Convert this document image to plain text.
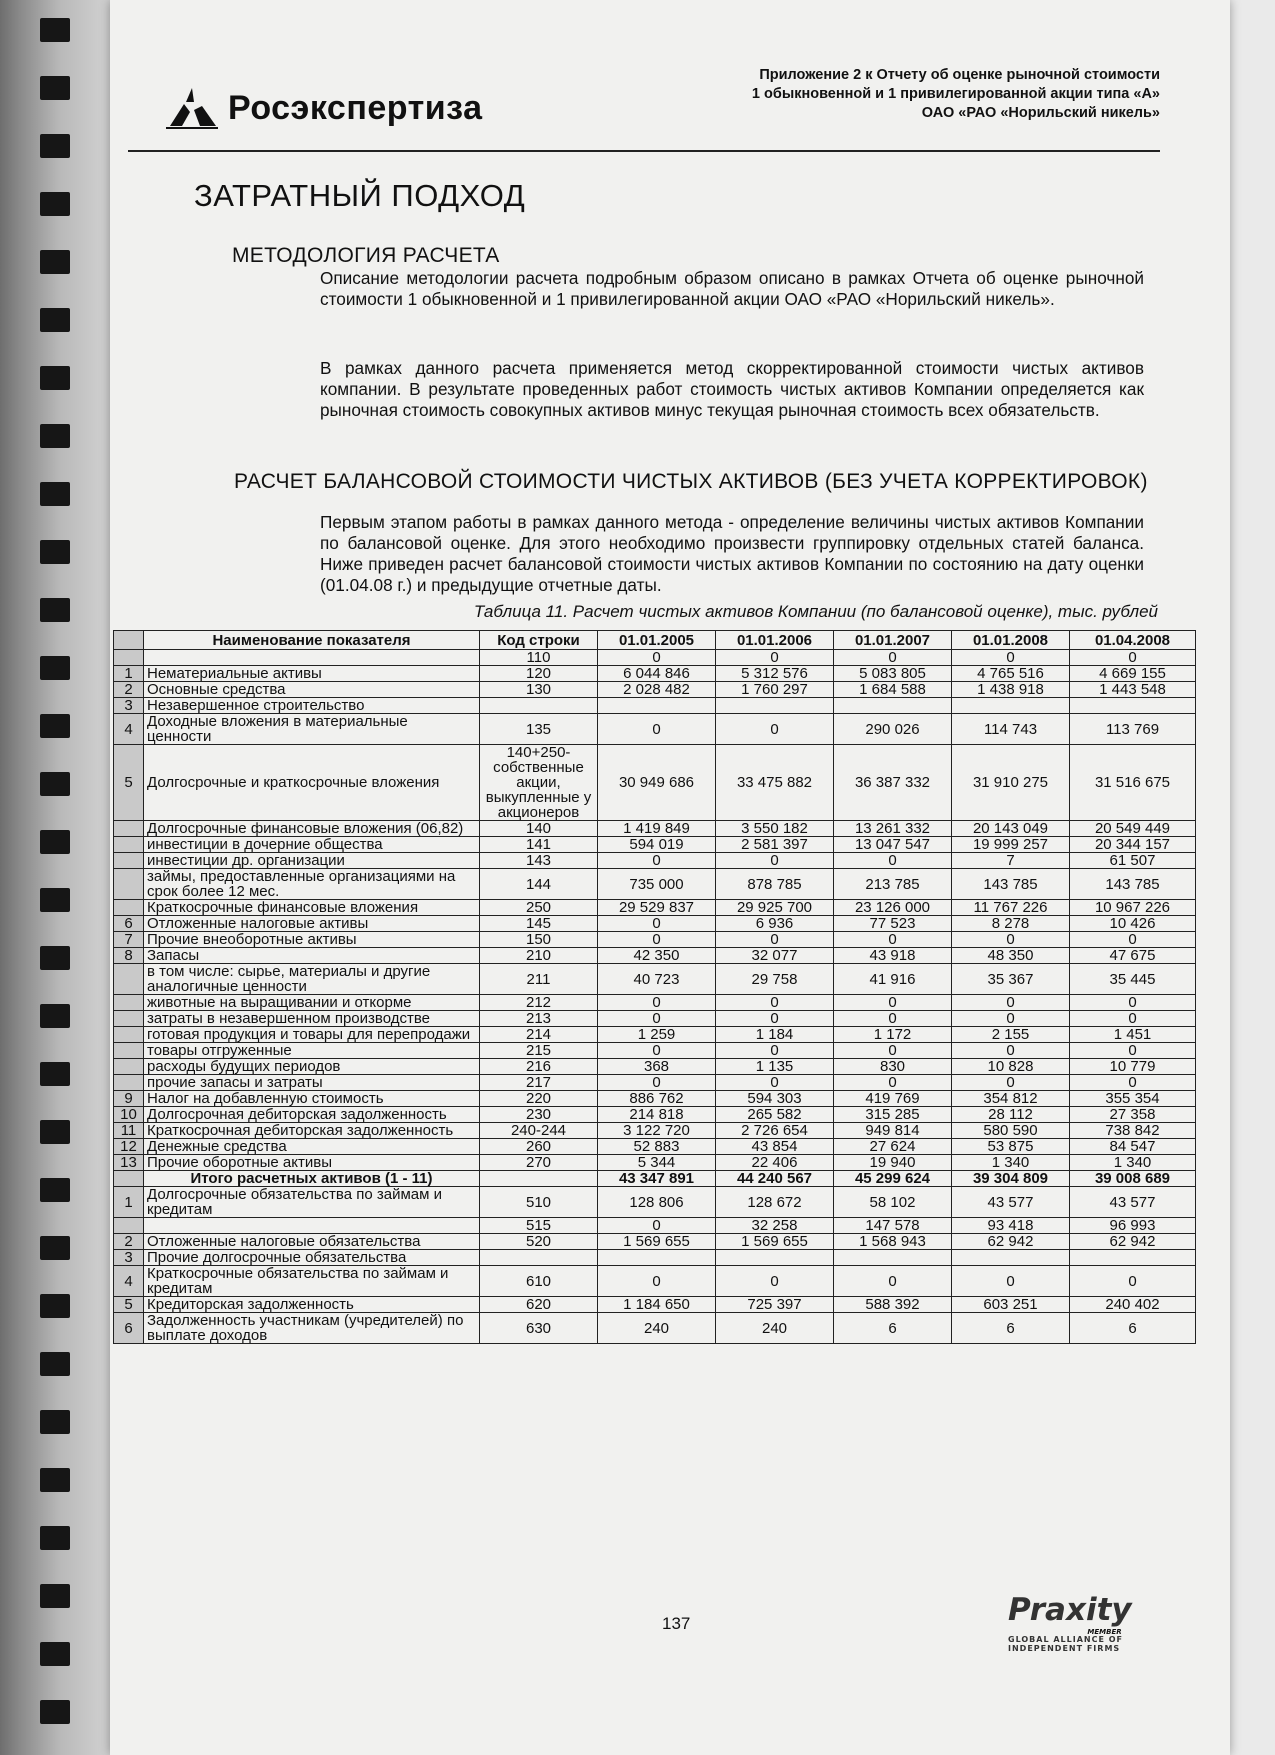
Росэкспертиза
Приложение 2 к Отчету об оценке рыночной стоимости
1 обыкновенной и 1 привилегированной акции типа «А»
ОАО «РАО «Норильский никель»
ЗАТРАТНЫЙ ПОДХОД
МЕТОДОЛОГИЯ РАСЧЕТА
Описание методологии расчета подробным образом описано в рамках Отчета об оценке рыночной стоимости 1 обыкновенной и 1 привилегированной акции ОАО «РАО «Норильский никель».
В рамках данного расчета применяется метод скорректированной стоимости чистых активов компании. В результате проведенных работ стоимость чистых активов Компании определяется как рыночная стоимость совокупных активов минус текущая рыночная стоимость всех обязательств.
РАСЧЕТ БАЛАНСОВОЙ СТОИМОСТИ ЧИСТЫХ АКТИВОВ (БЕЗ УЧЕТА КОРРЕКТИРОВОК)
Первым этапом работы в рамках данного метода - определение величины чистых активов Компании по балансовой оценке. Для этого необходимо произвести группировку отдельных статей баланса. Ниже приведен расчет балансовой стоимости чистых активов Компании по состоянию на дату оценки (01.04.08 г.) и предыдущие отчетные даты.
Таблица 11. Расчет чистых активов Компании (по балансовой оценке), тыс. рублей
	Наименование показателя	Код строки	01.01.2005	01.01.2006	01.01.2007	01.01.2008	01.04.2008
		110	0	0	0	0	0
1	Нематериальные активы	120	6 044 846	5 312 576	5 083 805	4 765 516	4 669 155
2	Основные средства	130	2 028 482	1 760 297	1 684 588	1 438 918	1 443 548
3	Незавершенное строительство						
4	Доходные вложения в материальные ценности	135	0	0	290 026	114 743	113 769
5	Долгосрочные и краткосрочные вложения	140+250-собственные акции, выкупленные у акционеров	30 949 686	33 475 882	36 387 332	31 910 275	31 516 675
	Долгосрочные финансовые вложения (06,82)	140	1 419 849	3 550 182	13 261 332	20 143 049	20 549 449
	инвестиции в дочерние общества	141	594 019	2 581 397	13 047 547	19 999 257	20 344 157
	инвестиции др. организации	143	0	0	0	7	61 507
	займы, предоставленные организациями на срок более 12 мес.	144	735 000	878 785	213 785	143 785	143 785
	Краткосрочные финансовые вложения	250	29 529 837	29 925 700	23 126 000	11 767 226	10 967 226
6	Отложенные налоговые активы	145	0	6 936	77 523	8 278	10 426
7	Прочие внеоборотные активы	150	0	0	0	0	0
8	Запасы	210	42 350	32 077	43 918	48 350	47 675
	в том числе: сырье, материалы и другие аналогичные ценности	211	40 723	29 758	41 916	35 367	35 445
	животные на выращивании и откорме	212	0	0	0	0	0
	затраты в незавершенном производстве	213	0	0	0	0	0
	готовая продукция и товары для перепродажи	214	1 259	1 184	1 172	2 155	1 451
	товары отгруженные	215	0	0	0	0	0
	расходы будущих периодов	216	368	1 135	830	10 828	10 779
	прочие запасы и затраты	217	0	0	0	0	0
9	Налог на добавленную стоимость	220	886 762	594 303	419 769	354 812	355 354
10	Долгосрочная дебиторская задолженность	230	214 818	265 582	315 285	28 112	27 358
11	Краткосрочная дебиторская задолженность	240-244	3 122 720	2 726 654	949 814	580 590	738 842
12	Денежные средства	260	52 883	43 854	27 624	53 875	84 547
13	Прочие оборотные активы	270	5 344	22 406	19 940	1 340	1 340
	Итого расчетных активов (1 - 11)		43 347 891	44 240 567	45 299 624	39 304 809	39 008 689
1	Долгосрочные обязательства по займам и кредитам	510	128 806	128 672	58 102	43 577	43 577
		515	0	32 258	147 578	93 418	96 993
2	Отложенные налоговые обязательства	520	1 569 655	1 569 655	1 568 943	62 942	62 942
3	Прочие долгосрочные обязательства						
4	Краткосрочные обязательства по займам и кредитам	610	0	0	0	0	0
5	Кредиторская задолженность	620	1 184 650	725 397	588 392	603 251	240 402
6	Задолженность участникам (учредителей) по выплате доходов	630	240	240	6	6	6
137	Praxity
MEMBER
GLOBAL ALLIANCE OF
INDEPENDENT FIRMS
